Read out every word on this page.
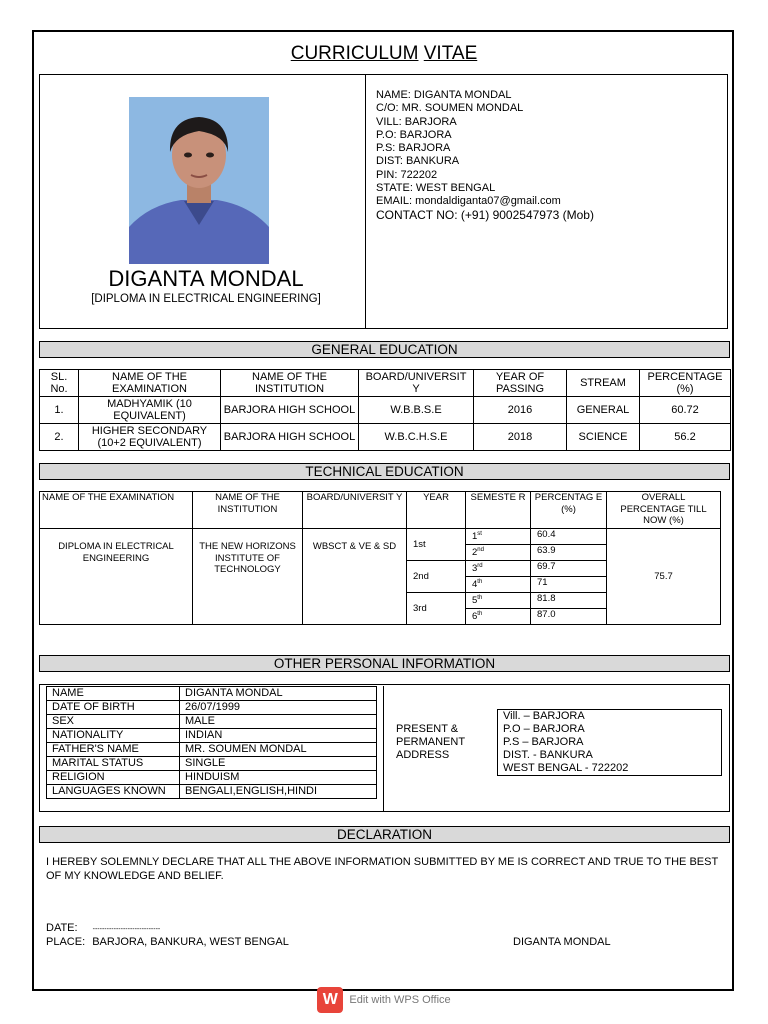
CURRICULUM VITAE
DIGANTA MONDAL
[DIPLOMA IN ELECTRICAL ENGINEERING]
NAME: DIGANTA MONDAL
C/O: MR. SOUMEN MONDAL
VILL: BARJORA
P.O: BARJORA
P.S: BARJORA
DIST: BANKURA
PIN: 722202
STATE: WEST BENGAL
EMAIL: mondaldiganta07@gmail.com
CONTACT NO: (+91) 9002547973 (Mob)
GENERAL EDUCATION
SL. No.	NAME OF THE EXAMINATION	NAME OF THE INSTITUTION	BOARD/UNIVERSIT Y	YEAR OF PASSING	STREAM	PERCENTAGE (%)
1.	MADHYAMIK (10 EQUIVALENT)	BARJORA HIGH SCHOOL	W.B.B.S.E	2016	GENERAL	60.72
2.	HIGHER SECONDARY (10+2 EQUIVALENT)	BARJORA HIGH SCHOOL	W.B.C.H.S.E	2018	SCIENCE	56.2
TECHNICAL EDUCATION
NAME OF THE EXAMINATION	NAME OF THE INSTITUTION	BOARD/UNIVERSIT Y	YEAR	SEMESTE R	PERCENTAG E (%)	OVERALL PERCENTAGE TILL NOW (%)
DIPLOMA IN ELECTRICAL ENGINEERING	THE NEW HORIZONS INSTITUTE OF TECHNOLOGY	WBSCT & VE & SD	1st	1st	60.4	75.7
				2nd	63.9	
			2nd	3rd	69.7	
				4th	71	
			3rd	5th	81.8	
				6th	87.0	
OTHER PERSONAL INFORMATION
NAME	DIGANTA MONDAL
DATE OF BIRTH	26/07/1999
SEX	MALE
NATIONALITY	INDIAN
FATHER'S NAME	MR. SOUMEN MONDAL
MARITAL STATUS	SINGLE
RELIGION	HINDUISM
LANGUAGES KNOWN	BENGALI,ENGLISH,HINDI
PRESENT &
PERMANENT
ADDRESS

Vill. – BARJORA
P.O – BARJORA
P.S – BARJORA
DIST. - BANKURA
WEST BENGAL - 722202
DECLARATION
I HEREBY SOLEMNLY DECLARE THAT ALL THE ABOVE INFORMATION SUBMITTED BY ME IS CORRECT AND TRUE TO THE BEST OF MY KNOWLEDGE AND BELIEF.
DATE: -----------------------------
PLACE: BARJORA, BANKURA, WEST BENGAL	DIGANTA MONDAL
W Edit with WPS Office
